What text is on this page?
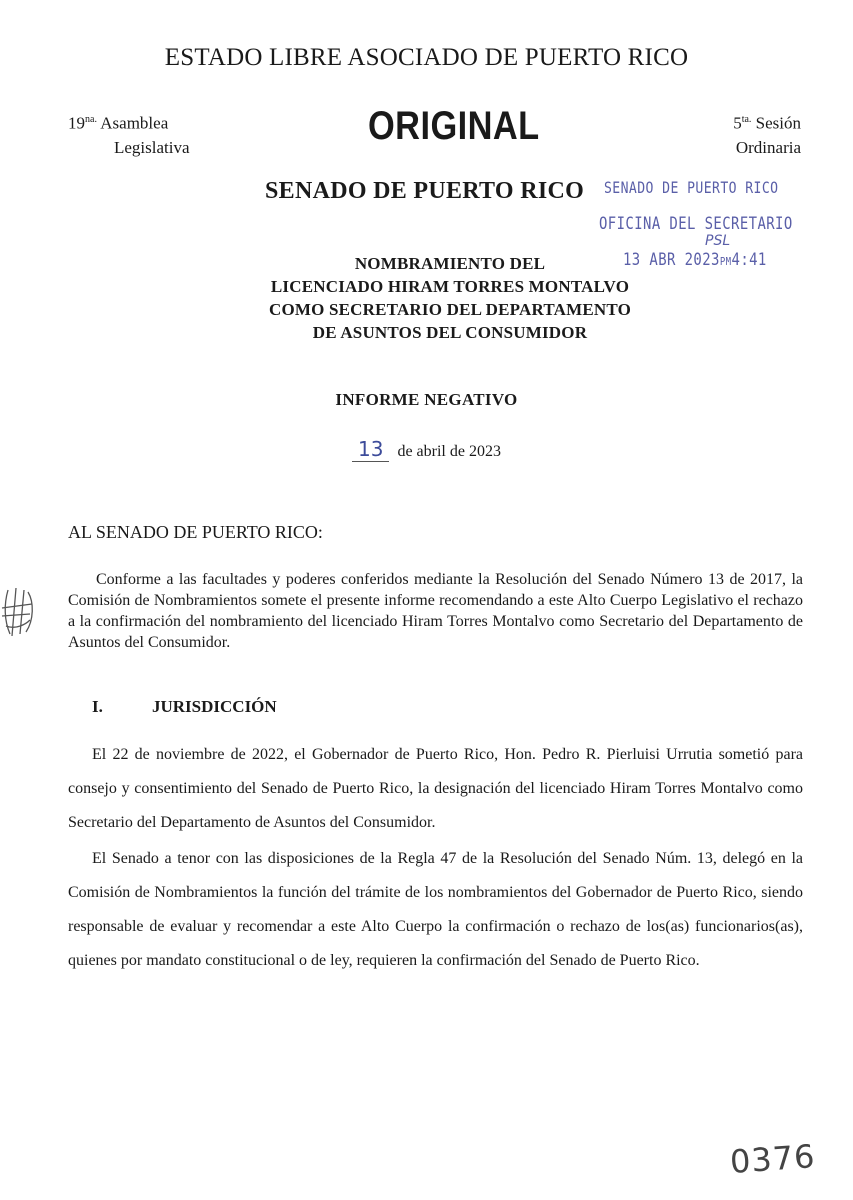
ESTADO LIBRE ASOCIADO DE PUERTO RICO
$19^{na.}$ Asamblea
Legislativa	ORIGINAL	$5^{ta.}$ Sesión
Ordinaria
SENADO DE PUERTO RICO SENADO DE PUERTO RICO
OFICINA DEL SECRETARIO
13 ABR 2023PM4:41
PSL
NOMBRAMIENTO DEL
LICENCIADO HIRAM TORRES MONTALVO
COMO SECRETARIO DEL DEPARTAMENTO
DE ASUNTOS DEL CONSUMIDOR
INFORME NEGATIVO
13 de abril de 2023
AL SENADO DE PUERTO RICO:

Conforme a las facultades y poderes conferidos mediante la Resolución del Senado Número 13 de 2017, la Comisión de Nombramientos somete el presente informe recomendando a este Alto Cuerpo Legislativo el rechazo a la confirmación del nombramiento del licenciado Hiram Torres Montalvo como Secretario del Departamento de Asuntos del Consumidor.

I.	JURISDICCIÓN

El 22 de noviembre de 2022, el Gobernador de Puerto Rico, Hon. Pedro R. Pierluisi Urrutia sometió para consejo y consentimiento del Senado de Puerto Rico, la designación del licenciado Hiram Torres Montalvo como Secretario del Departamento de Asuntos del Consumidor.

El Senado a tenor con las disposiciones de la Regla 47 de la Resolución del Senado Núm. 13, delegó en la Comisión de Nombramientos la función del trámite de los nombramientos del Gobernador de Puerto Rico, siendo responsable de evaluar y recomendar a este Alto Cuerpo la confirmación o rechazo de los(as) funcionarios(as), quienes por mandato constitucional o de ley, requieren la confirmación del Senado de Puerto Rico.

0376
